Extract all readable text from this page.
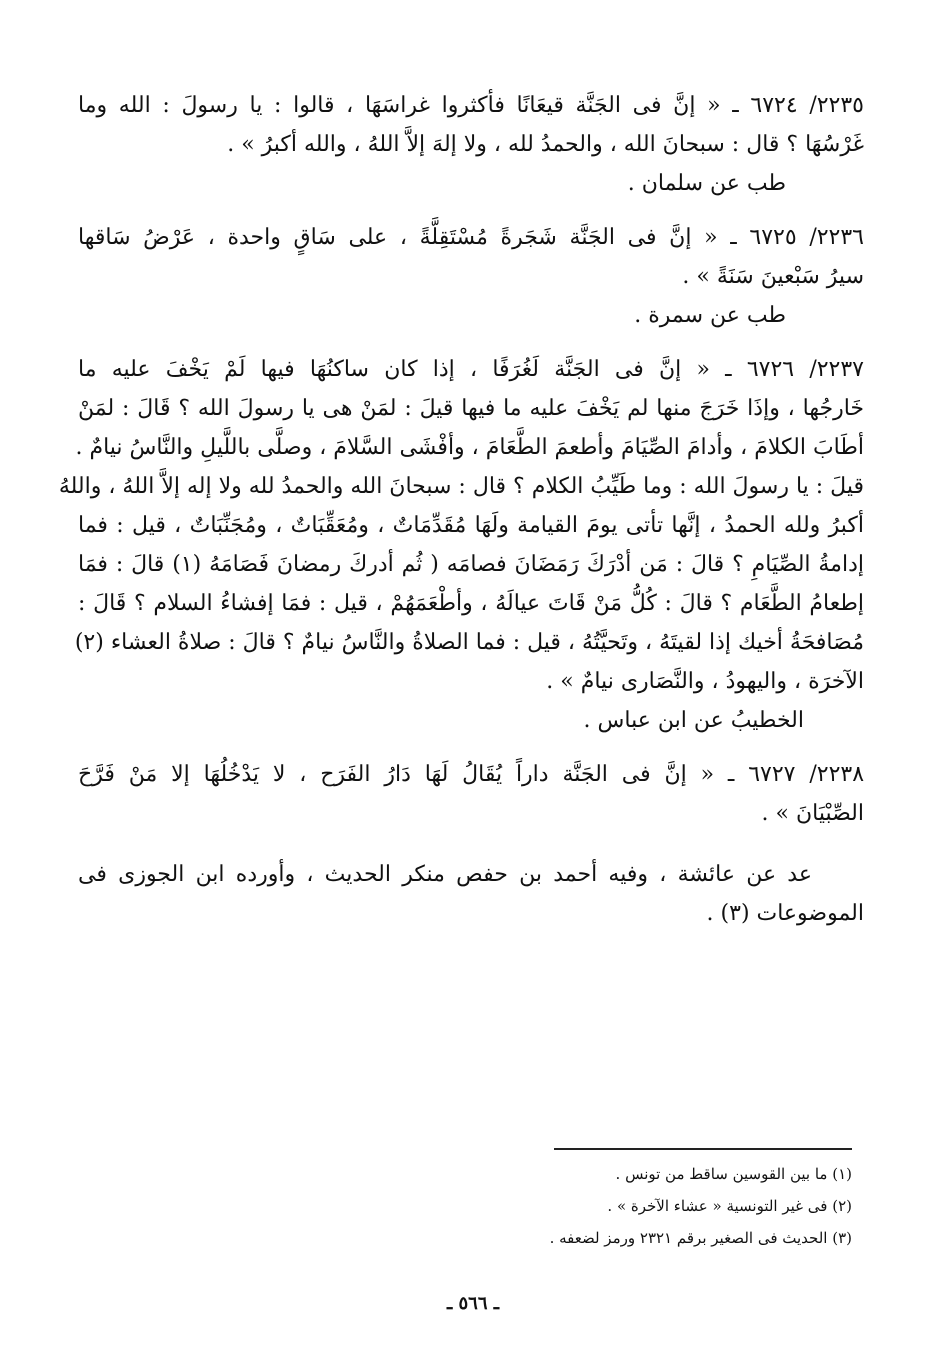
٢٢٣٥/ ٦٧٢٤ ـ « إنَّ فى الجَنَّة قيعَانًا فأكثروا غراسَهَا ، قالوا : يا رسولَ : الله وما
غَرْسُهَا ؟ قال : سبحانَ الله ، والحمدُ لله ، ولا إلهَ إلاَّ اللهُ ، والله أكبرُ » .
طب عن سلمان .
٢٢٣٦/ ٦٧٢٥ ـ « إنَّ فى الجَنَّة شَجَرةً مُسْتَقِلَّةً ، على سَاقٍ واحدة ، عَرْضُ سَاقها
سيرُ سَبْعينَ سَنَةً » .
طب عن سمرة .
٢٢٣٧/ ٦٧٢٦ ـ « إنَّ فى الجَنَّة لَغُرَفًا ، إذا كان ساكنُهَا فيها لَمْ يَخْفَ عليه ما
خَارجُها ، وإذَا خَرَجَ منها لم يَخْفَ عليه ما فيها قيلَ : لمَنْ هى يا رسولَ الله ؟ قَالَ : لمَنْ
أطَابَ الكلامَ ، وأدامَ الصِّيَامَ وأطعمَ الطَّعَامَ ، وأفْشَى السَّلامَ ، وصلَّى باللَّيلِ والنَّاسُ نيامٌ .
قيلَ : يا رسولَ الله : وما طَيِّبُ الكلام ؟ قال : سبحانَ الله والحمدُ لله ولا إله إلاَّ اللهُ ، واللهُ
أكبرُ ولله الحمدُ ، إنَّها تأتى يومَ القيامة ولَهَا مُقَدِّمَاتٌ ، ومُعَقِّبَاتٌ ، ومُجَنِّبَاتٌ ، قيل : فما
إدامةُ الصِّيَامِ ؟ قالَ : مَن أدْرَكَ رَمَضَانَ فصامَه ( ثُم أدركَ رمضانَ فَصَامَهُ (١) قالَ : فمَا
إطعامُ الطَّعَام ؟ قالَ : كُلُّ مَنْ قَاتَ عيالَهُ ، وأطْعَمَهُمْ ، قيل : فمَا إفشاءُ السلام ؟ قَالَ :
مُصَافحَةُ أخيك إذا لقيتَهُ ، وتَحيَّتُهُ ، قيل : فما الصلاةُ والنَّاسُ نيامٌ ؟ قالَ : صلاةُ العشاء (٢)
الآخرَة ، واليهودُ ، والنَّصَارى نيامٌ » .
الخطيبُ عن ابن عباس .
٢٢٣٨/ ٦٧٢٧ ـ « إنَّ فى الجَنَّة داراً يُقَالُ لَهَا دَارُ الفَرَح ، لا يَدْخُلُهَا إلا مَنْ فَرَّحَ
الصِّبْيَانَ » .
عد عن عائشة ، وفيه أحمد بن حفص منكر الحديث ، وأورده ابن الجوزى فى
الموضوعات (٣) .
(١) ما بين القوسين ساقط من تونس .
(٢) فى غير التونسية « عشاء الآخرة » .
(٣) الحديث فى الصغير برقم ٢٣٢١ ورمز لضعفه .
ـ ٥٦٦ ـ
